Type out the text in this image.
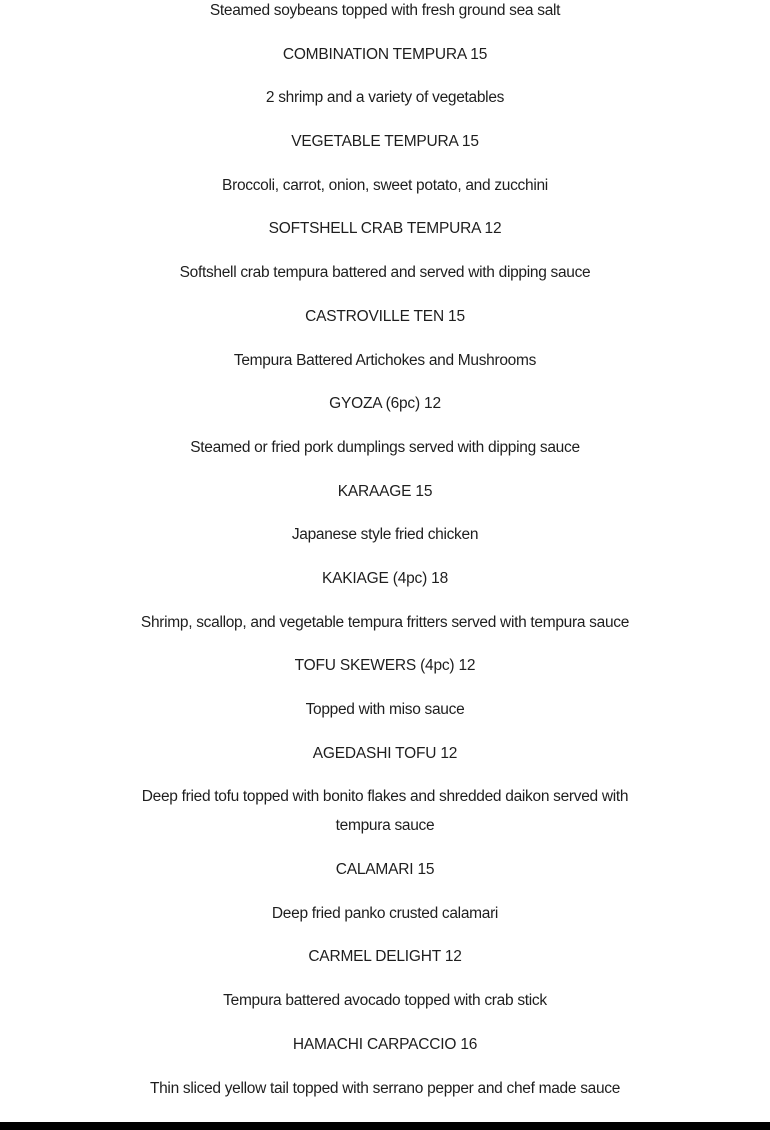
Steamed soybeans topped with fresh ground sea salt
COMBINATION TEMPURA 15
2 shrimp and a variety of vegetables
VEGETABLE TEMPURA 15
Broccoli, carrot, onion, sweet potato, and zucchini
SOFTSHELL CRAB TEMPURA 12
Softshell crab tempura battered and served with dipping sauce
CASTROVILLE TEN 15
Tempura Battered Artichokes and Mushrooms
GYOZA (6pc) 12
Steamed or fried pork dumplings served with dipping sauce
KARAAGE 15
Japanese style fried chicken
KAKIAGE (4pc) 18
Shrimp, scallop, and vegetable tempura fritters served with tempura sauce
TOFU SKEWERS (4pc) 12
Topped with miso sauce
AGEDASHI TOFU 12
Deep fried tofu topped with bonito flakes and shredded daikon served with tempura sauce
CALAMARI 15
Deep fried panko crusted calamari
CARMEL DELIGHT 12
Tempura battered avocado topped with crab stick
HAMACHI CARPACCIO 16
Thin sliced yellow tail topped with serrano pepper and chef made sauce
